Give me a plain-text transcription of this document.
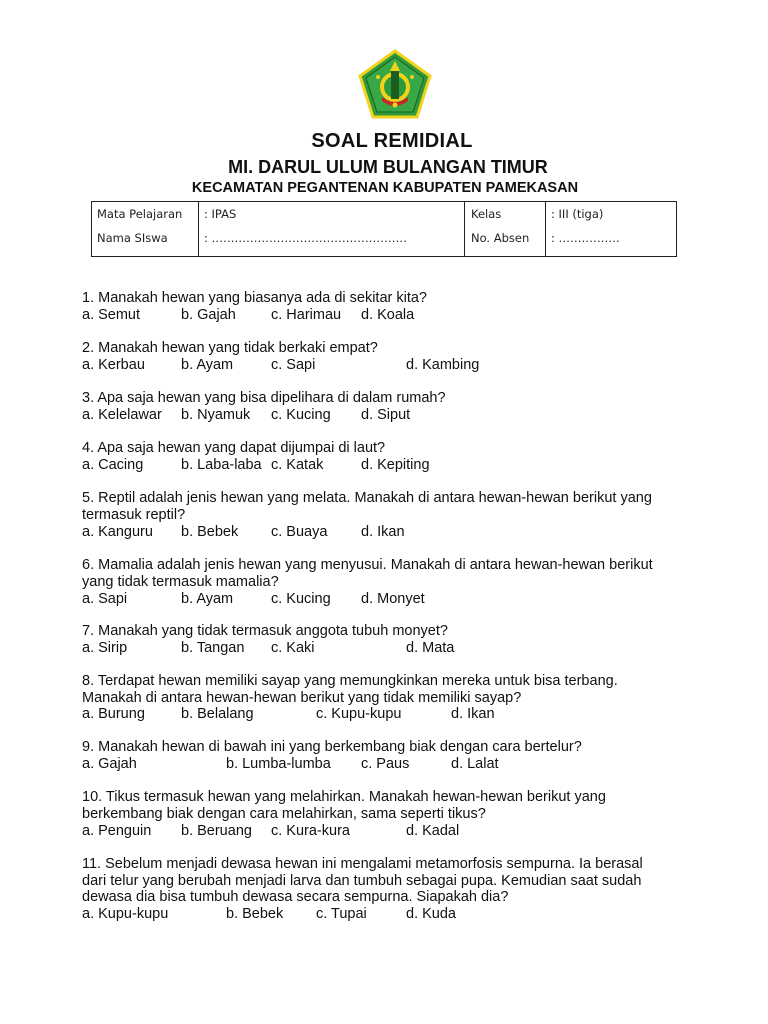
SOAL REMIDIAL
MI. DARUL ULUM BULANGAN TIMUR
KECAMATAN PEGANTENAN KABUPATEN PAMEKASAN
Mata Pelajaran : IPAS	Kelas	: III (tiga)
Nama SIswa	: ……………………………………………	No. Absen : …………….
1. Manakah hewan yang biasanya ada di sekitar kita?
a. Semut	b. Gajah c. Harimau d. Koala
2. Manakah hewan yang tidak berkaki empat?
a. Kerbau b. Ayam	c. Sapi	d. Kambing
3. Apa saja hewan yang bisa dipelihara di dalam rumah?
a. Kelelawar b. Nyamuk c. Kucing d. Siput
4. Apa saja hewan yang dapat dijumpai di laut?
a. Cacing	b. Laba-laba c. Katak	d. Kepiting
5. Reptil adalah jenis hewan yang melata. Manakah di antara hewan-hewan berikut yang
termasuk reptil?
a. Kanguru b. Bebek c. Buaya d. Ikan
6. Mamalia adalah jenis hewan yang menyusui. Manakah di antara hewan-hewan berikut
yang tidak termasuk mamalia?
a. Sapi	b. Ayam	c. Kucing d. Monyet
7. Manakah yang tidak termasuk anggota tubuh monyet?
a. Sirip	b. Tangan c. Kaki	d. Mata
8. Terdapat hewan memiliki sayap yang memungkinkan mereka untuk bisa terbang.
Manakah di antara hewan-hewan berikut yang tidak memiliki sayap?
a. Burung b. Belalang	c. Kupu-kupu	d. Ikan
9. Manakah hewan di bawah ini yang berkembang biak dengan cara bertelur?
a. Gajah	b. Lumba-lumba c. Paus	d. Lalat
10. Tikus termasuk hewan yang melahirkan. Manakah hewan-hewan berikut yang
berkembang biak dengan cara melahirkan, sama seperti tikus?
a. Penguin b. Beruang c. Kura-kura	d. Kadal
11. Sebelum menjadi dewasa hewan ini mengalami metamorfosis sempurna. Ia berasal
dari telur yang berubah menjadi larva dan tumbuh sebagai pupa. Kemudian saat sudah
dewasa dia bisa tumbuh dewasa secara sempurna. Siapakah dia?
a. Kupu-kupu	b. Bebek c. Tupai	d. Kuda
